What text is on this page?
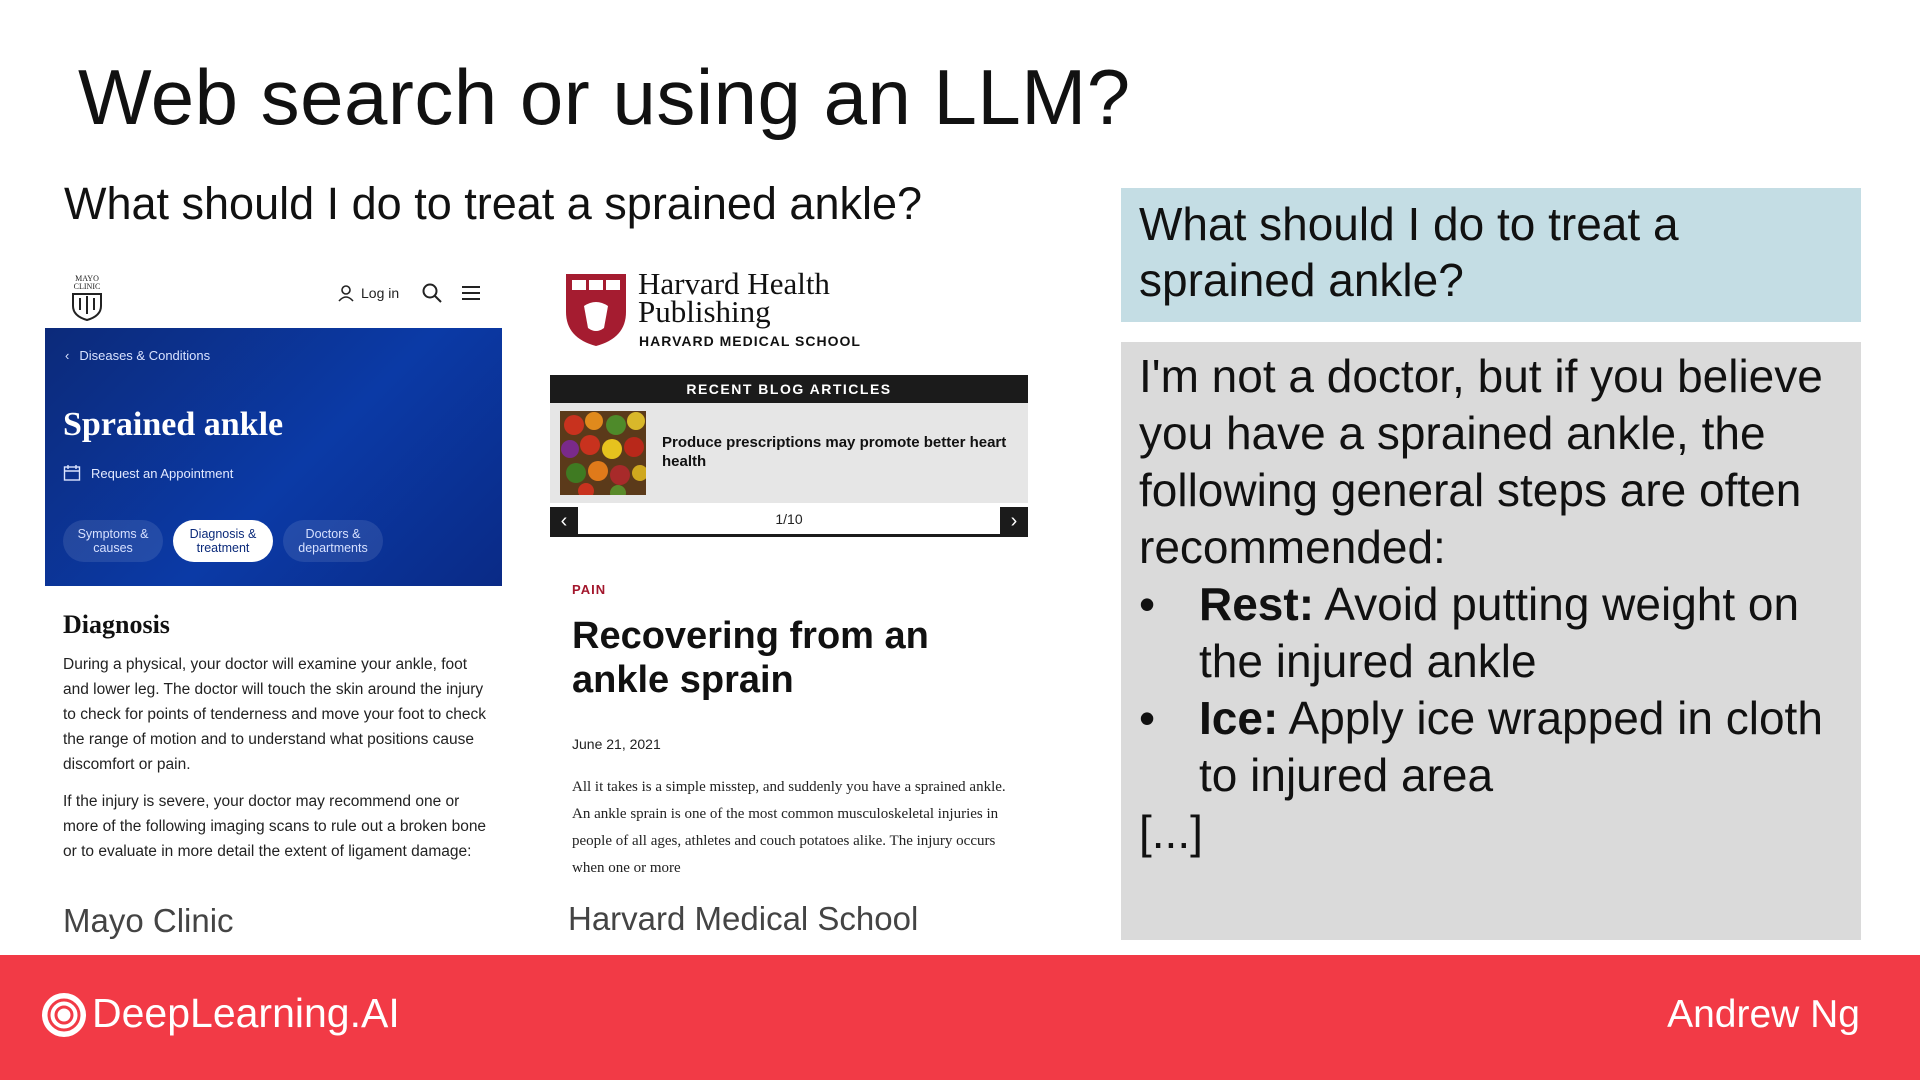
Web search or using an LLM?
What should I do to treat a sprained ankle?
MAYO
CLINIC	Log in
‹ Diseases & Conditions
Sprained ankle
Request an Appointment
Symptoms & causes
Diagnosis & treatment
Doctors & departments
Diagnosis
During a physical, your doctor will examine your ankle, foot and lower leg. The doctor will touch the skin around the injury to check for points of tenderness and move your foot to check the range of motion and to understand what positions cause discomfort or pain.
If the injury is severe, your doctor may recommend one or more of the following imaging scans to rule out a broken bone or to evaluate in more detail the extent of ligament damage:
Mayo Clinic
Harvard Health
Publishing
HARVARD MEDICAL SCHOOL
RECENT BLOG ARTICLES
Produce prescriptions may promote better heart health
‹	1/10	›
PAIN
Recovering from an ankle sprain
June 21, 2021
All it takes is a simple misstep, and suddenly you have a sprained ankle. An ankle sprain is one of the most common musculoskeletal injuries in people of all ages, athletes and couch potatoes alike. The injury occurs when one or more
Harvard Medical School
What should I do to treat a sprained ankle?
I'm not a doctor, but if you believe you have a sprained ankle, the following general steps are often recommended:
• Rest: Avoid putting weight on the injured ankle
• Ice: Apply ice wrapped in cloth to injured area
[...]
DeepLearning.AI	Andrew Ng
